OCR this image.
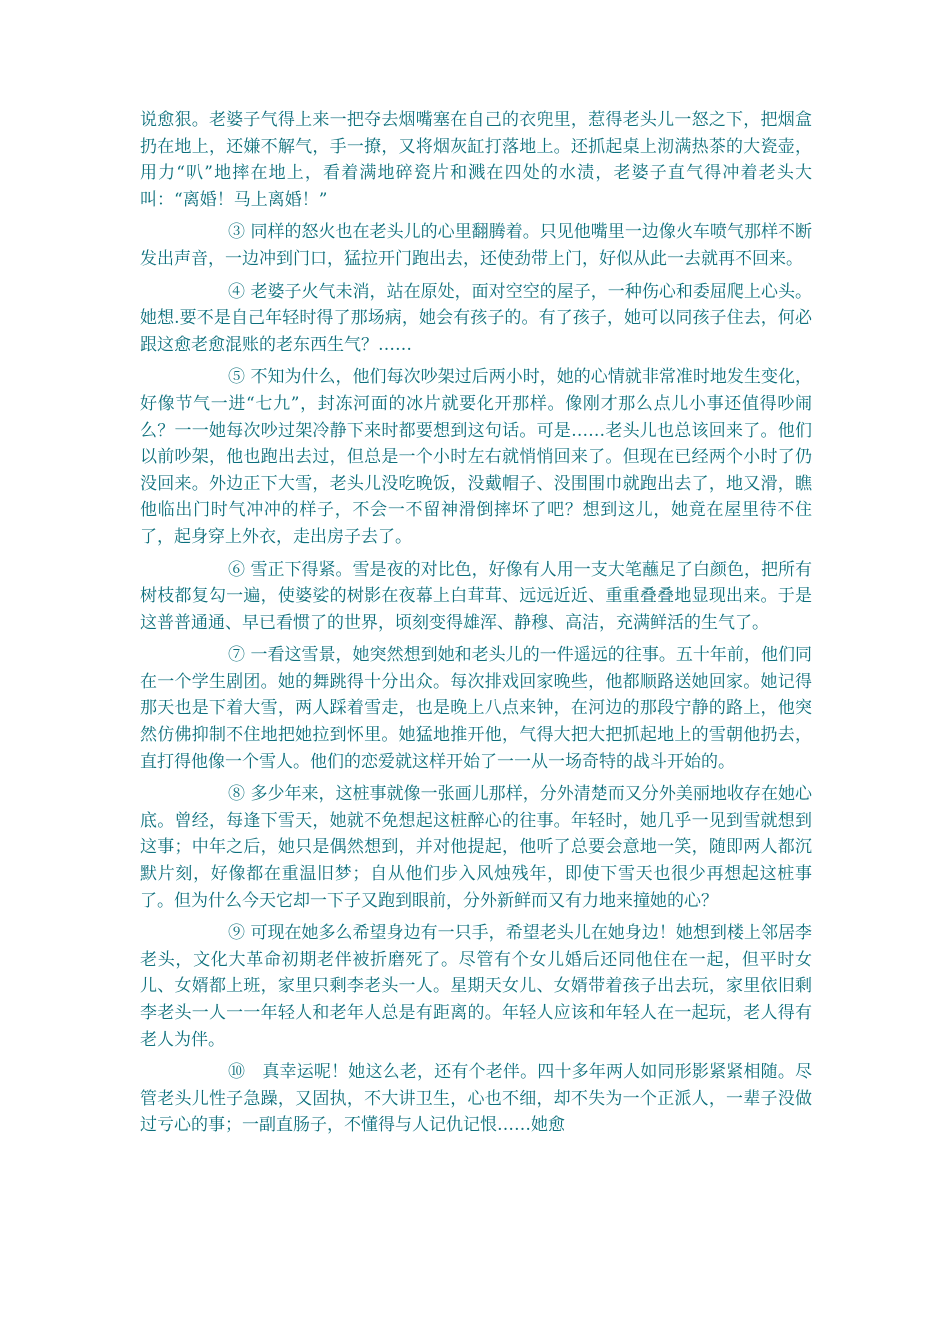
说愈狠。老婆子气得上来一把夺去烟嘴塞在自己的衣兜里，惹得老头儿一怒之下，把烟盒扔在地上，还嫌不解气，手一撩，又将烟灰缸打落地上。还抓起桌上沏满热茶的大瓷壶，用力“叭”地摔在地上，看着满地碎瓷片和溅在四处的水渍，老婆子直气得冲着老头大叫：“离婚！马上离婚！”

③ 同样的怒火也在老头儿的心里翻腾着。只见他嘴里一边像火车喷气那样不断发出声音，一边冲到门口，猛拉开门跑出去，还使劲带上门，好似从此一去就再不回来。

④ 老婆子火气未消，站在原处，面对空空的屋子，一种伤心和委屈爬上心头。她想.要不是自己年轻时得了那场病，她会有孩子的。有了孩子，她可以同孩子住去，何必跟这愈老愈混账的老东西生气？……

⑤ 不知为什么，他们每次吵架过后两小时，她的心情就非常准时地发生变化，好像节气一进“七九”，封冻河面的冰片就要化开那样。像刚才那么点儿小事还值得吵闹么？一一她每次吵过架冷静下来时都要想到这句话。可是……老头儿也总该回来了。他们以前吵架，他也跑出去过，但总是一个小时左右就悄悄回来了。但现在已经两个小时了仍没回来。外边正下大雪，老头儿没吃晚饭，没戴帽子、没围围巾就跑出去了，地又滑，瞧他临出门时气冲冲的样子，不会一不留神滑倒摔坏了吧？想到这儿，她竟在屋里待不住了，起身穿上外衣，走出房子去了。

⑥ 雪正下得紧。雪是夜的对比色，好像有人用一支大笔蘸足了白颜色，把所有树枝都复勾一遍，使婆娑的树影在夜幕上白茸茸、远远近近、重重叠叠地显现出来。于是这普普通通、早已看惯了的世界，顷刻变得雄浑、静穆、高洁，充满鲜活的生气了。

⑦ 一看这雪景，她突然想到她和老头儿的一件遥远的往事。五十年前，他们同在一个学生剧团。她的舞跳得十分出众。每次排戏回家晚些，他都顺路送她回家。她记得那天也是下着大雪，两人踩着雪走，也是晚上八点来钟，在河边的那段宁静的路上，他突然仿佛抑制不住地把她拉到怀里。她猛地推开他，气得大把大把抓起地上的雪朝他扔去，直打得他像一个雪人。他们的恋爱就这样开始了一一从一场奇特的战斗开始的。

⑧ 多少年来，这桩事就像一张画儿那样，分外清楚而又分外美丽地收存在她心底。曾经，每逢下雪天，她就不免想起这桩醉心的往事。年轻时，她几乎一见到雪就想到这事；中年之后，她只是偶然想到，并对他提起，他听了总要会意地一笑，随即两人都沉默片刻，好像都在重温旧梦；自从他们步入风烛残年，即使下雪天也很少再想起这桩事了。但为什么今天它却一下子又跑到眼前，分外新鲜而又有力地来撞她的心？

⑨ 可现在她多么希望身边有一只手，希望老头儿在她身边！她想到楼上邻居李老头，文化大革命初期老伴被折磨死了。尽管有个女儿婚后还同他住在一起，但平时女儿、女婿都上班，家里只剩李老头一人。星期天女儿、女婿带着孩子出去玩，家里依旧剩李老头一人一一年轻人和老年人总是有距离的。年轻人应该和年轻人在一起玩，老人得有老人为伴。

⑩　真幸运呢！她这么老，还有个老伴。四十多年两人如同形影紧紧相随。尽管老头儿性子急躁，又固执，不大讲卫生，心也不细，却不失为一个正派人，一辈子没做过亏心的事；一副直肠子，不懂得与人记仇记恨……她愈
